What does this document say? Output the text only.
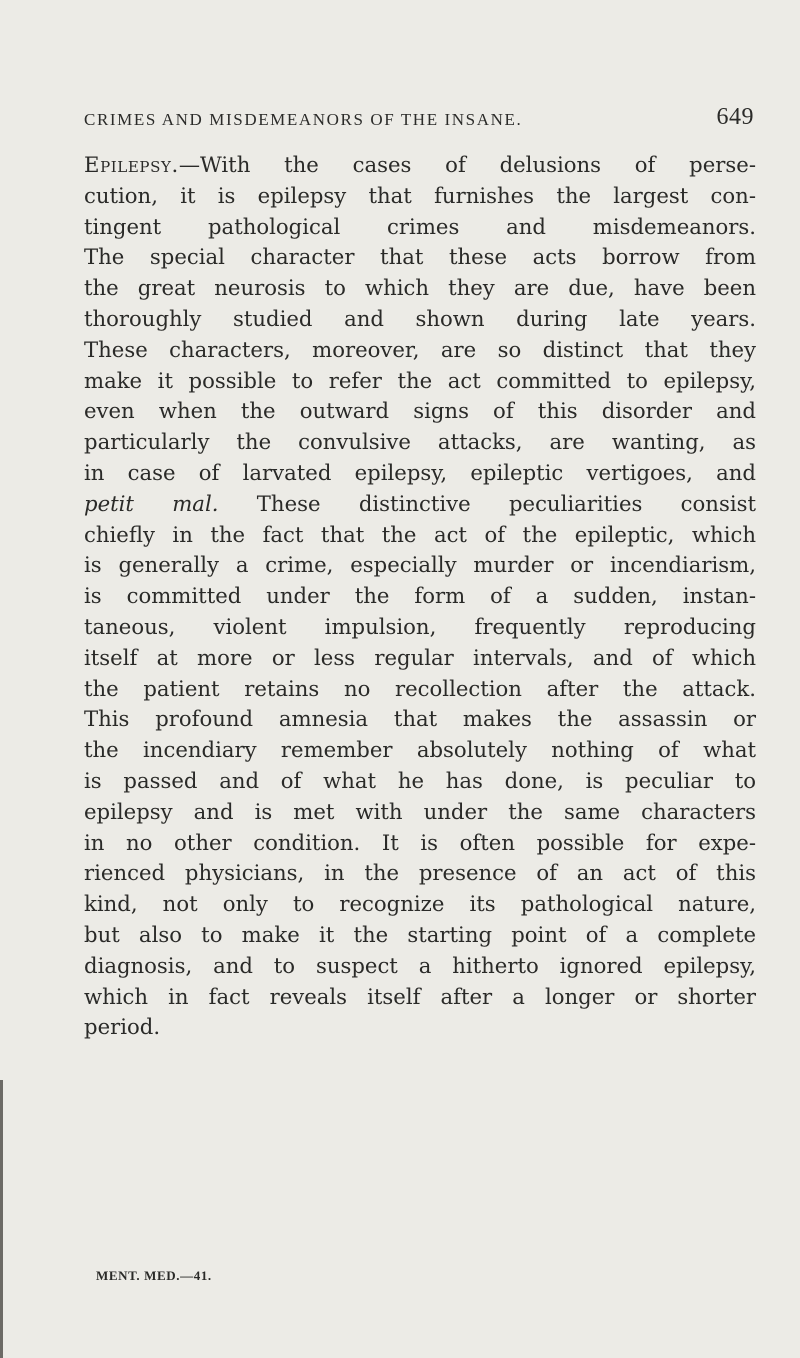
CRIMES AND MISDEMEANORS OF THE INSANE.	649
Epilepsy.—With the cases of delusions of perse-
cution, it is epilepsy that furnishes the largest con-
tingent pathological crimes and misdemeanors.
The special character that these acts borrow from
the great neurosis to which they are due, have been
thoroughly studied and shown during late years.
These characters, moreover, are so distinct that they
make it possible to refer the act committed to epilepsy,
even when the outward signs of this disorder and
particularly the convulsive attacks, are wanting, as
in case of larvated epilepsy, epileptic vertigoes, and
petit mal. These distinctive peculiarities consist
chiefly in the fact that the act of the epileptic, which
is generally a crime, especially murder or incendiarism,
is committed under the form of a sudden, instan-
taneous, violent impulsion, frequently reproducing
itself at more or less regular intervals, and of which
the patient retains no recollection after the attack.
This profound amnesia that makes the assassin or
the incendiary remember absolutely nothing of what
is passed and of what he has done, is peculiar to
epilepsy and is met with under the same characters
in no other condition. It is often possible for expe-
rienced physicians, in the presence of an act of this
kind, not only to recognize its pathological nature,
but also to make it the starting point of a complete
diagnosis, and to suspect a hitherto ignored epilepsy,
which in fact reveals itself after a longer or shorter
period.
MENT. MED.—41.
